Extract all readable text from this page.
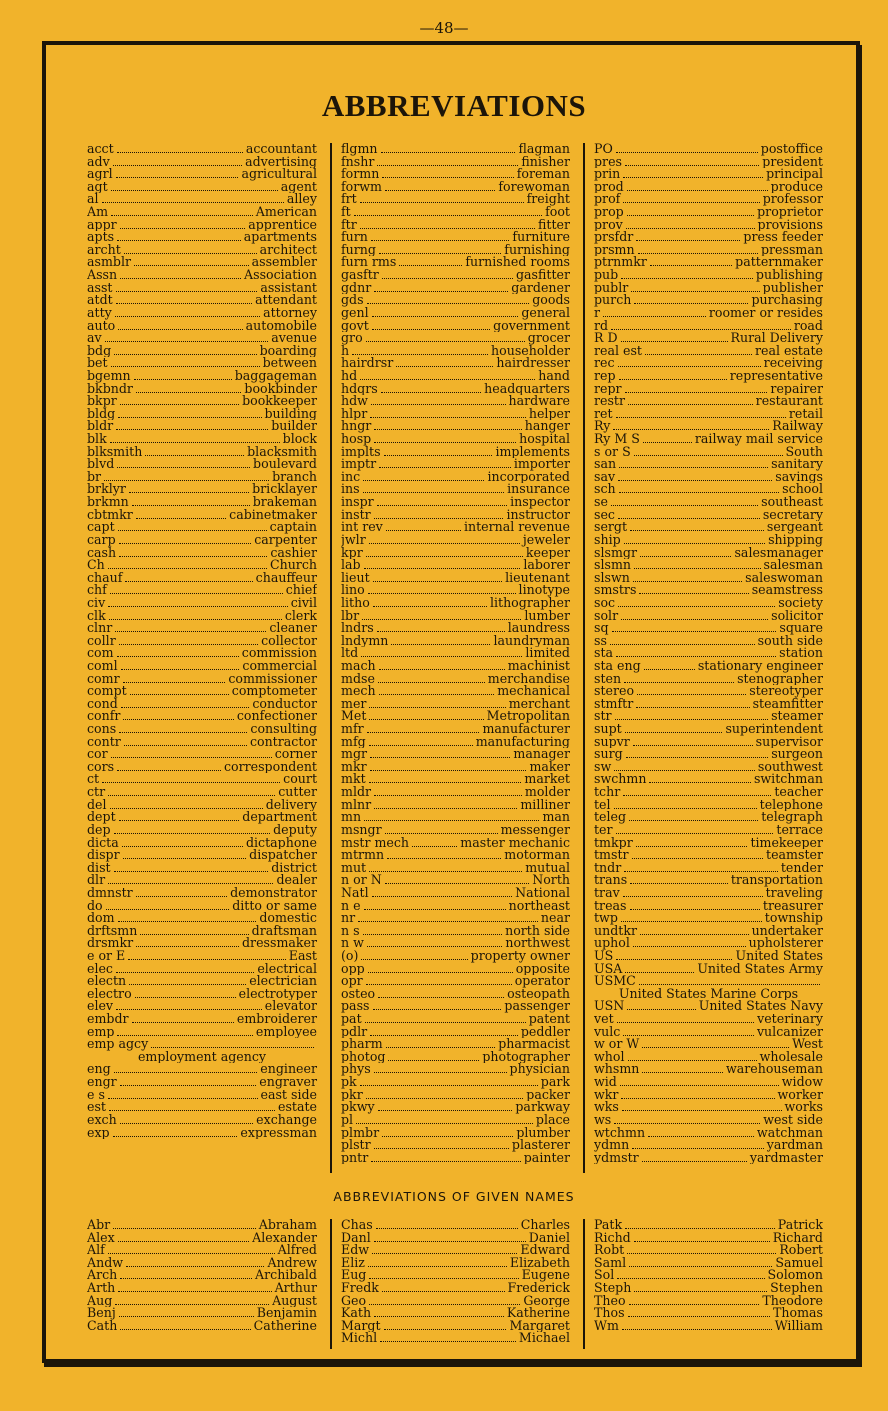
—48—
ABBREVIATIONS
acct	accountant
adv	advertising
agrl	agricultural
agt	agent
al	alley
Am	American
appr	apprentice
apts	apartments
archt	architect
asmblr	assembler
Assn	Association
asst	assistant
atdt	attendant
atty	attorney
auto	automobile
av	avenue
bdg	boarding
bet	between
bgemn	baggageman
bkbndr	bookbinder
bkpr	bookkeeper
bldg	building
bldr	builder
blk	block
blksmith	blacksmith
blvd	boulevard
br	branch
brklyr	bricklayer
brkmn	brakeman
cbtmkr	cabinetmaker
capt	captain
carp	carpenter
cash	cashier
Ch	Church
chauf	chauffeur
chf	chief
civ	civil
clk	clerk
clnr	cleaner
collr	collector
com	commission
coml	commercial
comr	commissioner
compt	comptometer
cond	conductor
confr	confectioner
cons	consulting
contr	contractor
cor	corner
cors	correspondent
ct	court
ctr	cutter
del	delivery
dept	department
dep	deputy
dicta	dictaphone
dispr	dispatcher
dist	district
dlr	dealer
dmnstr	demonstrator
do	ditto or same
dom	domestic
drftsmn	draftsman
drsmkr	dressmaker
e or E	East
elec	electrical
electn	electrician
electro	electrotyper
elev	elevator
embdr	embroiderer
emp	employee
emp agcy
employment agency
eng	engineer
engr	engraver
e s	east side
est	estate
exch	exchange
exp	expressman
flgmn	flagman
fnshr	finisher
formn	foreman
forwm	forewoman
frt	freight
ft	foot
ftr	fitter
furn	furniture
furng	furnishing
furn rms	furnished rooms
gasftr	gasfitter
gdnr	gardener
gds	goods
genl	general
govt	government
gro	grocer
h	householder
hairdrsr	hairdresser
hd	hand
hdqrs	headquarters
hdw	hardware
hlpr	helper
hngr	hanger
hosp	hospital
implts	implements
imptr	importer
inc	incorporated
ins	insurance
inspr	inspector
instr	instructor
int rev	internal revenue
jwlr	jeweler
kpr	keeper
lab	laborer
lieut	lieutenant
lino	linotype
litho	lithographer
lbr	lumber
lndrs	laundress
lndymn	laundryman
ltd	limited
mach	machinist
mdse	merchandise
mech	mechanical
mer	merchant
Met	Metropolitan
mfr	manufacturer
mfg	manufacturing
mgr	manager
mkr	maker
mkt	market
mldr	molder
mlnr	milliner
mn	man
msngr	messenger
mstr mech	master mechanic
mtrmn	motorman
mut	mutual
n or N	North
Natl	National
n e	northeast
nr	near
n s	north side
n w	northwest
(o)	property owner
opp	opposite
opr	operator
osteo	osteopath
pass	passenger
pat	patent
pdlr	peddler
pharm	pharmacist
photog	photographer
phys	physician
pk	park
pkr	packer
pkwy	parkway
pl	place
plmbr	plumber
plstr	plasterer
pntr	painter
PO	postoffice
pres	president
prin	principal
prod	produce
prof	professor
prop	proprietor
prov	provisions
prsfdr	press feeder
prsmn	pressman
ptrnmkr	patternmaker
pub	publishing
publr	publisher
purch	purchasing
r	roomer or resides
rd	road
R D	Rural Delivery
real est	real estate
rec	receiving
rep	representative
repr	repairer
restr	restaurant
ret	retail
Ry	Railway
Ry M S	railway mail service
s or S	South
san	sanitary
sav	savings
sch	school
se	southeast
sec	secretary
sergt	sergeant
ship	shipping
slsmgr	salesmanager
slsmn	salesman
slswn	saleswoman
smstrs	seamstress
soc	society
solr	solicitor
sq	square
ss	south side
sta	station
sta eng	stationary engineer
sten	stenographer
stereo	stereotyper
stmftr	steamfitter
str	steamer
supt	superintendent
supvr	supervisor
surg	surgeon
sw	southwest
swchmn	switchman
tchr	teacher
tel	telephone
teleg	telegraph
ter	terrace
tmkpr	timekeeper
tmstr	teamster
tndr	tender
trans	transportation
trav	traveling
treas	treasurer
twp	township
undtkr	undertaker
uphol	upholsterer
US	United States
USA	United States Army
USMC
United States Marine Corps
USN	United States Navy
vet	veterinary
vulc	vulcanizer
w or W	West
whol	wholesale
whsmn	warehouseman
wid	widow
wkr	worker
wks	works
ws	west side
wtchmn	watchman
ydmn	yardman
ydmstr	yardmaster
ABBREVIATIONS OF GIVEN NAMES
Abr	Abraham
Alex	Alexander
Alf	Alfred
Andw	Andrew
Arch	Archibald
Arth	Arthur
Aug	August
Benj	Benjamin
Cath	Catherine
Chas	Charles
Danl	Daniel
Edw	Edward
Eliz	Elizabeth
Eug	Eugene
Fredk	Frederick
Geo	George
Kath	Katherine
Margt	Margaret
Michl	Michael
Patk	Patrick
Richd	Richard
Robt	Robert
Saml	Samuel
Sol	Solomon
Steph	Stephen
Theo	Theodore
Thos	Thomas
Wm	William
